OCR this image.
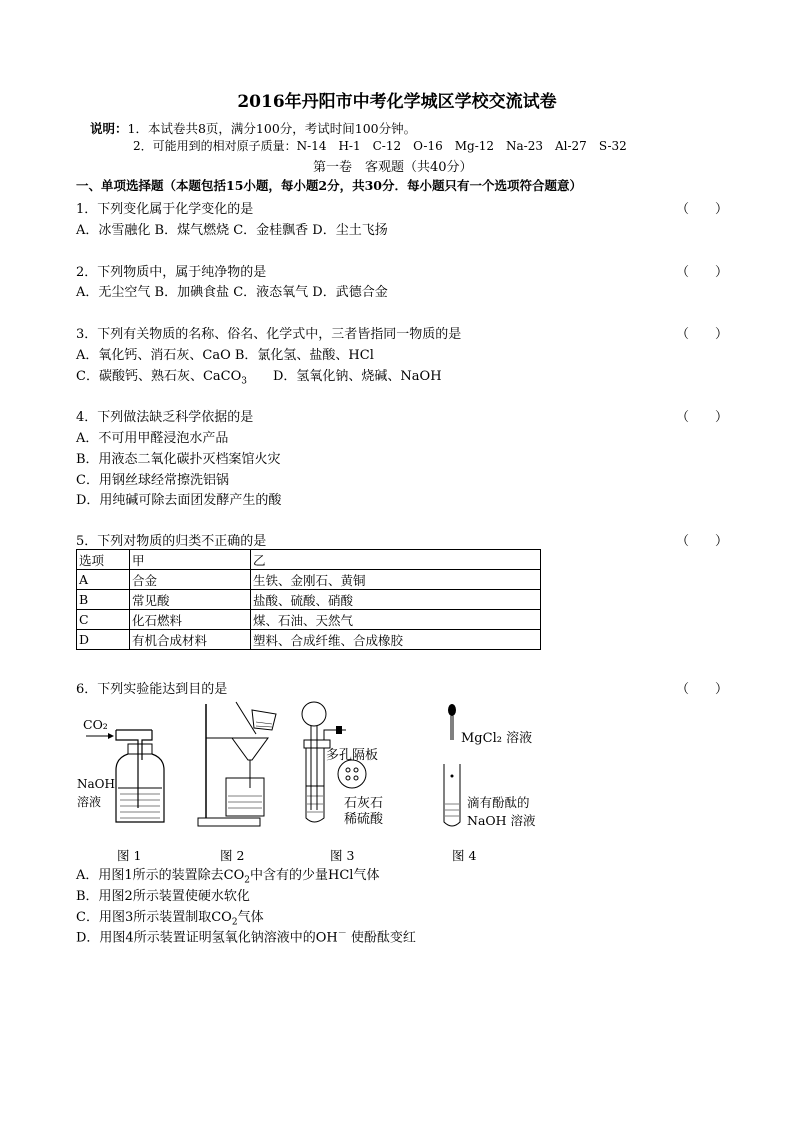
2016年丹阳市中考化学城区学校交流试卷
说明：1．本试卷共8页，满分100分，考试时间100分钟。
2．可能用到的相对原子质量：N-14　H-1　C-12　O-16　Mg-12　Na-23　Al-27　S-32
第一卷　客观题（共40分）
一、单项选择题（本题包括15小题，每小题2分，共30分．每小题只有一个选项符合题意）
1．下列变化属于化学变化的是	（　　）
A．冰雪融化 B．煤气燃烧 C．金桂飘香 D．尘土飞扬
2．下列物质中，属于纯净物的是	（　　）
A．无尘空气 B．加碘食盐 C．液态氧气 D．武德合金
3．下列有关物质的名称、俗名、化学式中，三者皆指同一物质的是	（　　）
A．氧化钙、消石灰、CaO B．氯化氢、盐酸、HCl
C．碳酸钙、熟石灰、CaCO$_3$ D．氢氧化钠、烧碱、NaOH
4．下列做法缺乏科学依据的是	（　　）
A．不可用甲醛浸泡水产品
B．用液态二氧化碳扑灭档案馆火灾
C．用钢丝球经常擦洗铝锅
D．用纯碱可除去面团发酵产生的酸
5．下列对物质的归类不正确的是	（　　）
选项	甲	乙
A	合金	生铁、金刚石、黄铜
B	常见酸	盐酸、硫酸、硝酸
C	化石燃料	煤、石油、天然气
D	有机合成材料	塑料、合成纤维、合成橡胶
6．下列实验能达到目的是	（　　）
CO₂
NaOH
溶液
图 1	图 2
多孔隔板
石灰石
稀硫酸
图 3
MgCl₂ 溶液
滴有酚酞的
NaOH 溶液
图 4
A．用图1所示的装置除去$CO_2$中含有的少量HCl气体
B．用图2所示装置使硬水软化
C．用图3所示装置制取$CO_2$气体
D．用图4所示装置证明氢氧化钠溶液中的OH－ 使酚酞变红
